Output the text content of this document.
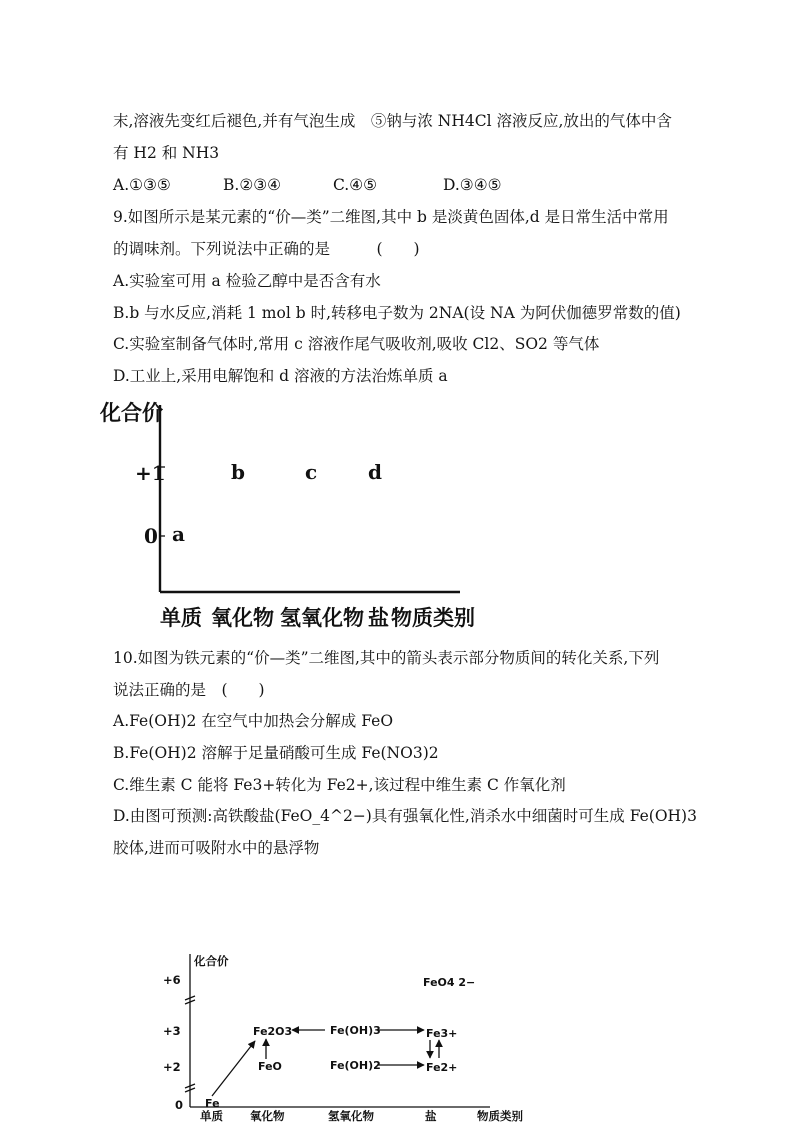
末,溶液先变红后褪色,并有气泡生成　⑤钠与浓 NH4Cl 溶液反应,放出的气体中含
有 H2 和 NH3
A.①③⑤	B.②③④	C.④⑤	D.③④⑤
9.如图所示是某元素的“价—类”二维图,其中 b 是淡黄色固体,d 是日常生活中常用
的调味剂。下列说法中正确的是　　　(　　)
A.实验室可用 a 检验乙醇中是否含有水
B.b 与水反应,消耗 1 mol b 时,转移电子数为 2NA(设 NA 为阿伏伽德罗常数的值)
C.实验室制备气体时,常用 c 溶液作尾气吸收剂,吸收 Cl2、SO2 等气体
D.工业上,采用电解饱和 d 溶液的方法治炼单质 a
化合价
+1
0 a
b	c	d
单质 氧化物 氢氧化物 盐 物质类别
10.如图为铁元素的“价—类”二维图,其中的箭头表示部分物质间的转化关系,下列
说法正确的是　(　　)
A.Fe(OH)2 在空气中加热会分解成 FeO
B.Fe(OH)2 溶解于足量硝酸可生成 Fe(NO3)2
C.维生素 C 能将 Fe3+转化为 Fe2+,该过程中维生素 C 作氧化剂
D.由图可预测:高铁酸盐(FeO_4^2−)具有强氧化性,消杀水中细菌时可生成 Fe(OH)3
胶体,进而可吸附水中的悬浮物
化合价
+6
+3
+2
0 Fe
Fe2O3
FeO
Fe(OH)3
Fe(OH)2
FeO4 2−
Fe3+
Fe2+
单质 氧化物	氢氧化物	盐	物质类别
